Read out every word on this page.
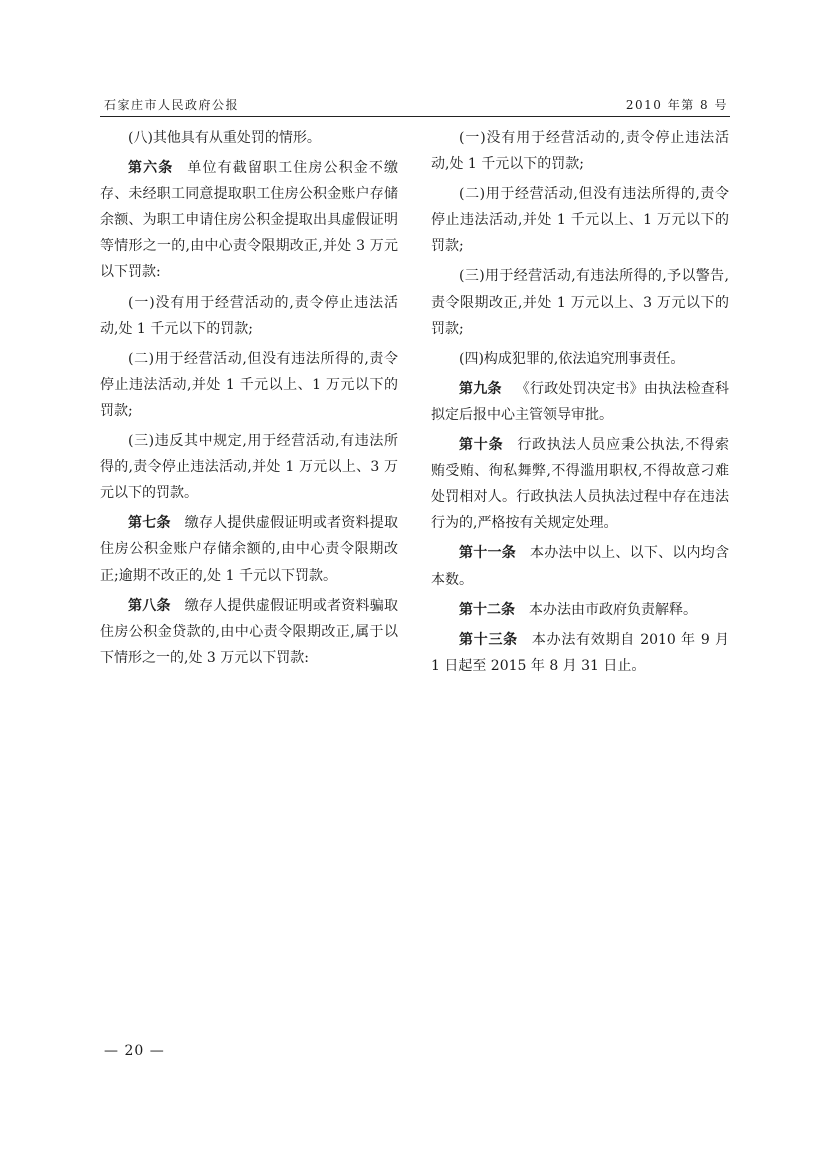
石家庄市人民政府公报	2010 年第 8 号

(八)其他具有从重处罚的情形。

第六条 单位有截留职工住房公积金不缴存、未经职工同意提取职工住房公积金账户存储余额、为职工申请住房公积金提取出具虚假证明等情形之一的,由中心责令限期改正,并处 3 万元以下罚款:

(一)没有用于经营活动的,责令停止违法活动,处 1 千元以下的罚款;

(二)用于经营活动,但没有违法所得的,责令停止违法活动,并处 1 千元以上、1 万元以下的罚款;

(三)违反其中规定,用于经营活动,有违法所得的,责令停止违法活动,并处 1 万元以上、3 万元以下的罚款。

第七条 缴存人提供虚假证明或者资料提取住房公积金账户存储余额的,由中心责令限期改正;逾期不改正的,处 1 千元以下罚款。

第八条 缴存人提供虚假证明或者资料骗取住房公积金贷款的,由中心责令限期改正,属于以下情形之一的,处 3 万元以下罚款:

(一)没有用于经营活动的,责令停止违法活动,处 1 千元以下的罚款;

(二)用于经营活动,但没有违法所得的,责令停止违法活动,并处 1 千元以上、1 万元以下的罚款;

(三)用于经营活动,有违法所得的,予以警告,责令限期改正,并处 1 万元以上、3 万元以下的罚款;

(四)构成犯罪的,依法追究刑事责任。

第九条 《行政处罚决定书》由执法检查科拟定后报中心主管领导审批。

第十条 行政执法人员应秉公执法,不得索贿受贿、徇私舞弊,不得滥用职权,不得故意刁难处罚相对人。行政执法人员执法过程中存在违法行为的,严格按有关规定处理。

第十一条 本办法中以上、以下、以内均含本数。

第十二条 本办法由市政府负责解释。

第十三条 本办法有效期自 2010 年 9 月 1 日起至 2015 年 8 月 31 日止。

— 20 —
